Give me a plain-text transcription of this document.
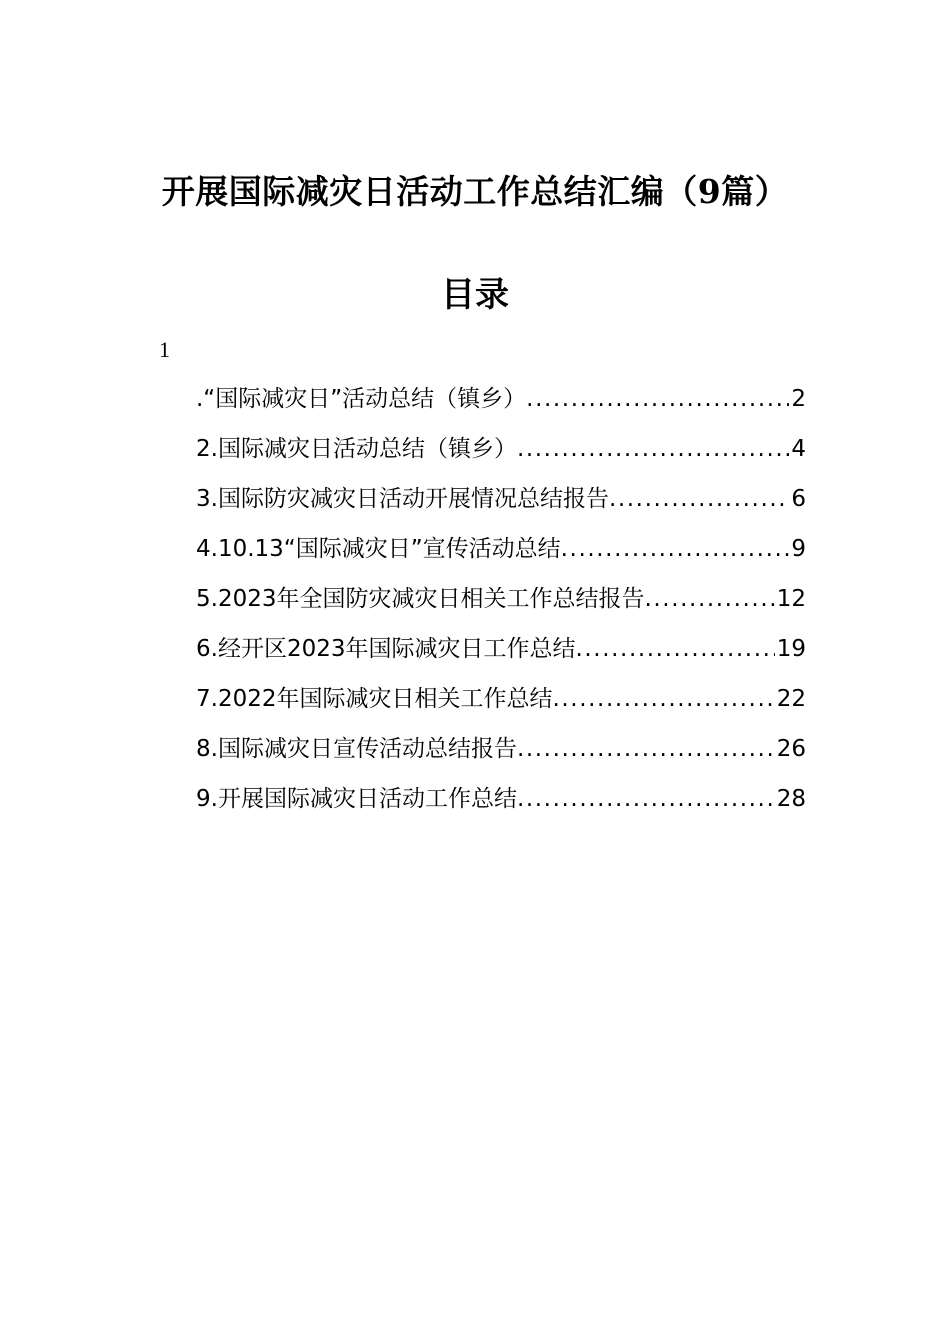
开展国际减灾日活动工作总结汇编（9篇）
目录
1
.“国际减灾日”活动总结（镇乡） .....	2
2.国际减灾日活动总结（镇乡） .....	4
3.国际防灾减灾日活动开展情况总结报告 .....	6
4.10.13“国际减灾日”宣传活动总结 .....	9
5.2023年全国防灾减灾日相关工作总结报告 .....	12
6.经开区2023年国际减灾日工作总结 .....	19
7.2022年国际减灾日相关工作总结 .....	22
8.国际减灾日宣传活动总结报告 .....	26
9.开展国际减灾日活动工作总结 .....	28
